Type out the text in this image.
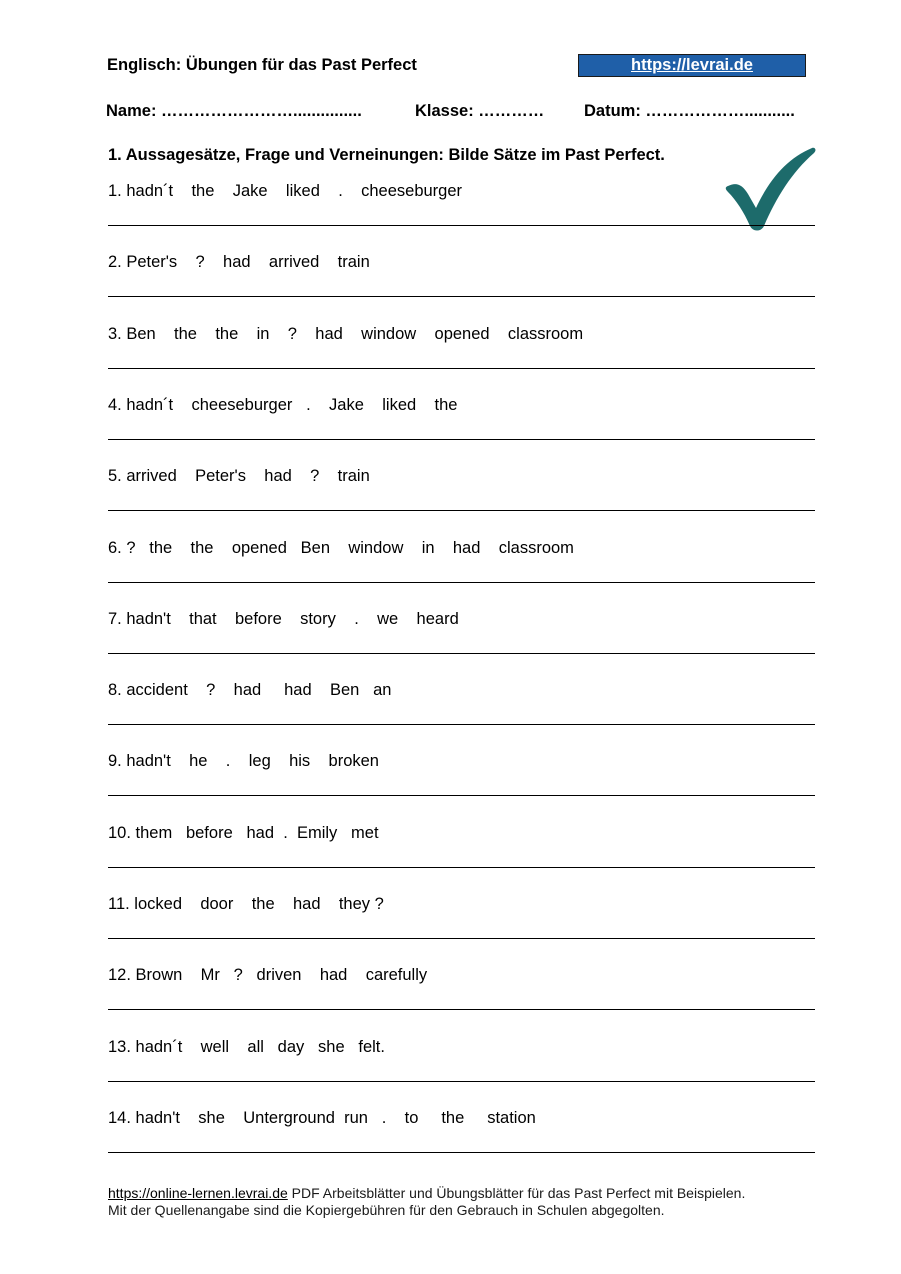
Englisch: Übungen für das Past Perfect	https://levrai.de
Name: ……………………...............	Klasse: ………… Datum: ………………...........
1. Aussagesätze, Frage und Verneinungen: Bilde Sätze im Past Perfect.
1. hadn´t    the    Jake    liked    .    cheeseburger
2. Peter's    ?    had    arrived    train
3. Ben    the    the    in    ?    had    window    opened    classroom
4. hadn´t    cheeseburger   .    Jake    liked    the
5. arrived    Peter's    had    ?    train
6. ?   the    the    opened   Ben    window    in    had    classroom
7. hadn't    that    before    story    .    we    heard
8. accident    ?    had     had    Ben   an
9. hadn't    he    .    leg    his    broken
10. them   before   had  .  Emily   met
11. locked    door    the    had    they ?
12. Brown    Mr   ?   driven    had    carefully
13. hadn´t    well    all   day   she   felt.
14. hadn't    she    Unterground  run   .    to     the     station
https://online-lernen.levrai.de PDF Arbeitsblätter und Übungsblätter für das Past Perfect mit Beispielen.
Mit der Quellenangabe sind die Kopiergebühren für den Gebrauch in Schulen abgegolten.
